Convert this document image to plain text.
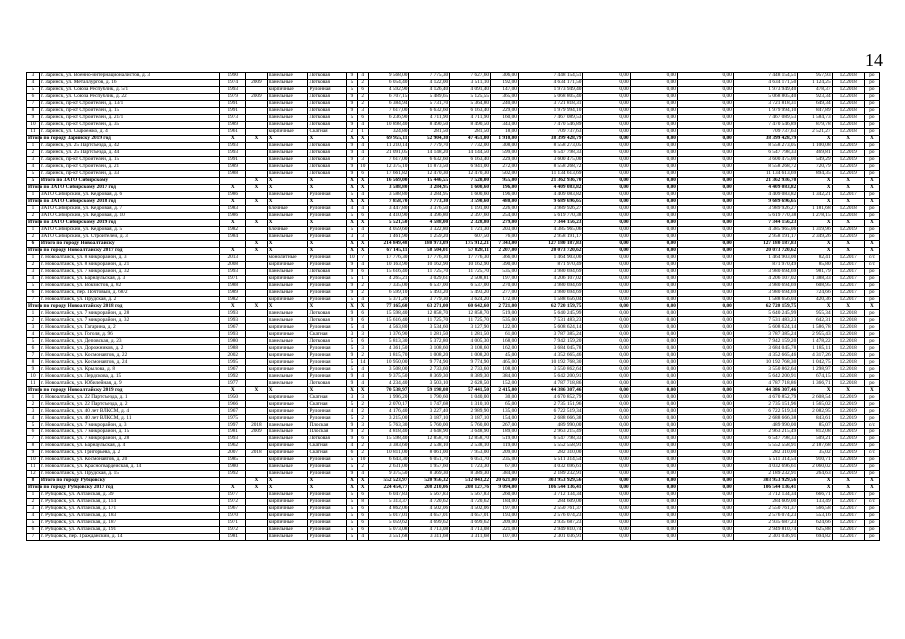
14
3	г. Заринск, ул. Военно-интернационалистов, д. 3	1990		панельные	Лотковая	9	4	9 568,00	7 775,30	7 627,60	306,00	7 448 154,51	0,00	0,00	0,00	7 448 154,51	957,93	12.2018	ро
4	г. Заринск, ул. Металлургов, д. 16	1974	2009	панельные	Лотковая	5	2	6 054,40	4 122,00	3 511,10	192,00	4 634 171,50	0,00	0,00	0,00	4 634 171,50	1 124,25	12.2018	ро
5	г. Заринск, ул. Союза Республик, д. 5/1	1993		кирпичные	Рулонная	5	6	4 592,90	4 126,40	4 091,40	147,00	1 973 949,40	0,00	0,00	0,00	1 973 949,40	478,37	12.2018	ро
6	г. Заринск, ул. Союза Республик, д. 22	1979	2009	панельные	Лотковая	9	2	6 707,15	5 489,65	5 125,55	365,00	5 068 805,40	0,00	0,00	0,00	5 068 805,40	923,34	12.2018	ро
7	г. Заринск, пр-кт Строителей, д. 13/1	1991		панельные	Лотковая	9	2	6 384,94	5 731,70	5 364,80	240,00	3 721 818,31	0,00	0,00	0,00	3 721 818,31	649,34	12.2018	ро
8	г. Заринск, пр-кт Строителей, д. 15	1991		панельные	Лотковая	9	3	7 617,00	6 632,60	6 163,40	229,00	1 979 994,10	0,00	0,00	0,00	1 979 994,10	847,89	12.2018	ро
9	г. Заринск, пр-кт Строителей, д. 21/1	1973		панельные	Лотковая	5	6	6 236,90	4 711,90	4 711,90	160,00	7 467 089,53	0,00	0,00	0,00	7 467 089,53	1 584,73	12.2018	ро
10	г. Заринск, пр-кт Строителей, д. 35	1989		панельные	Лотковая	9	4	10 898,40	8 490,50	8 490,50	343,00	7 470 546,89	0,00	0,00	0,00	7 470 546,89	879,78	12.2018	ро
11	г. Заринск, ул. Сыроежко, д. 4	1961		кирпичные	Скатная	2	1	324,80	281,50	281,50	18,00	709 737,63	0,00	0,00	0,00	709 737,63	2 521,27	12.2018	ро
Итого по городу Заринску 2019 год		Х	Х	Х	Х	Х	Х	69 955,11	52 904,30	47 451,00	1 910,00	38 399 428,79	0,00	0,00	0,00	38 399 428,79	Х	Х	Х
1	г. Заринск, ул. 25 Партсъезда, д. 42	1993		панельные	Лотковая	9	4	11 210,14	7 779,70	7 732,00	308,00	8 558 273,05	0,00	0,00	0,00	8 558 273,05	1 100,08	12.2019	ро
2	г. Заринск, ул. 25 Партсъезда, д. 44	1993		панельные	Лотковая	9	4	21 091,05	14 148,20	14 144,50	599,00	6 547 798,33	0,00	0,00	0,00	6 547 798,33	469,81	12.2019	ро
3	г. Заринск, пр-кт Строителей, д. 15	1991		панельные	Лотковая	9	3	7 617,00	6 632,60	6 163,40	229,00	3 600 475,00	0,00	0,00	0,00	3 600 475,00	549,29	12.2019	ро
4	г. Заринск, пр-кт Строителей, д. 21	1989		панельные	Лотковая	9	10	12 375,10	11 873,50	6 941,00	272,00	8 558 268,72	0,00	0,00	0,00	8 558 268,72	720,79	12.2019	ро
5	г. Заринск, пр-кт Строителей, д. 33	1988		панельные	Лотковая	9	6	17 661,82	12 470,30	12 470,30	502,00	11 134 613,69	0,00	0,00	0,00	11 134 613,69	894,35	12.2019	ро
5	Итого по ЗАТО Сибирскому		Х	Х	Х	Х	Х	16 569,00	15 446,55	7 520,00	955,00	21 362 936,70	0,00	0,00	0,00	21 362 936,70	Х	Х	Х
Итого по ЗАТО Сибирскому 2017 год		Х	Х	Х	Х	Х	Х	3 588,80	3 284,95	1 600,60	196,00	4 409 083,82	0,00	0,00	0,00	4 409 083,82	Х	Х	Х
1	ЗАТО Сибирский, ул. Кедровая, д. 6	1986		панельные	Рулонная	5	4	3 588,80	3 284,95	1 600,60	196,00	4 409 083,82	0,00	0,00	0,00	4 409 083,82	1 342,21	12.2017	ро
Итого по ЗАТО Сибирскому 2018 год		Х	Х	Х	Х	Х	Х	7 858,70	7 773,30	3 590,60	480,00	9 689 696,65	0,00	0,00	0,00	9 689 696,65	Х	Х	Х
1	ЗАТО Сибирский, ул. Кедровая, д. 7	1983		блочные	Рулонная	4	4	3 447,80	3 376,50	1 191,00	226,00	3 989 926,27	0,00	0,00	0,00	3 989 926,27	1 181,68	12.2018	ро
2	ЗАТО Сибирский, ул. Кедровая, д. 10	1986		панельные	Рулонная	5	6	4 410,90	4 396,80	2 397,60	254,00	5 619 770,38	0,00	0,00	0,00	5 619 770,38	1 278,15	12.2018	ро
Итого по ЗАТО Сибирскому 2019 год		Х	Х	Х	Х	Х	Х	5 521,50	4 588,00	2 328,80	279,00	7 344 156,23	0,00	0,00	0,00	7 344 156,23	Х	Х	Х
1	ЗАТО Сибирский, ул. Кедровая, д. 5	1982		блочные	Рулонная	5	4	4 059,60	3 322,80	1 721,30	203,00	4 385 965,06	0,00	0,00	0,00	4 385 965,06	1 319,96	12.2019	ро
2	ЗАТО Сибирский, ул. Строителей, д. 3	1984		панельные	Рулонная	3	3	1 461,90	1 259,20	607,50	76,00	2 958 191,17	0,00	0,00	0,00	2 958 191,17	2 349,26	12.2019	ро
6	Итого по городу Новоалтайску		Х	Х	Х	Х	Х	214 849,48	180 973,09	175 912,21	7 343,00	127 180 187,83	0,00	0,00	0,00	127 180 187,83	Х	Х	Х
Итого по городу Новоалтайску 2017 год		Х	Х	Х	Х	Х	Х	67 145,11	58 504,01	57 828,11	2 207,00	20 073 720,62	0,00	0,00	0,00	20 073 720,62	Х	Х	Х
1	г. Новоалтайск, ул. 8 микрорайон, д. 3	2013		монолитные	Рулонная	10	7	17 776,30	17 776,30	17 776,30	366,00	1 464 903,00	0,00	0,00	0,00	1 464 903,00	82,41	12.2017	с/с
2	г. Новоалтайск, ул. 8 микрорайон, д. 21	2008		кирпичные	Рулонная	9	4	10 163,90	10 162,90	10 162,90	390,00	871 970,49	0,00	0,00	0,00	871 970,49	85,80	12.2017	с/с
3	г. Новоалтайск, ул. 7 микрорайон, д. 32	1993		панельные	Лотковая	9	6	15 616,40	11 725,70	11 725,70	535,00	3 980 694,69	0,00	0,00	0,00	3 980 694,69	981,79	12.2017	ро
4	г. Новоалтайск, ул. Барнаульская, д. 3	1971		кирпичные	Рулонная	5	1	4 265,21	3 029,61	2 508,81	197,00	4 206 107,02	0,00	0,00	0,00	4 206 107,02	1 388,33	12.2017	ро
5	г. Новоалтайск, ул. Вокзистов, д. 82	1988		панельные	Рулонная	9	2	7 335,00	6 537,00	6 537,00	270,00	3 980 694,69	0,00	0,00	0,00	3 980 694,69	608,95	12.2017	ро
6	г. Новоалтайск, пер. Почтовый, д. 68/2	1989		панельные	Рулонная	9	2	6 599,10	5 493,20	5 493,20	277,00	3 980 694,69	0,00	0,00	0,00	3 980 694,69	724,66	12.2017	ро
7	г. Новоалтайск, ул. Прудская, д. 2	1982		кирпичные	Рулонная	5	4	5 371,20	3 779,30	3 624,20	172,00	1 588 656,04	0,00	0,00	0,00	1 588 656,04	420,36	12.2017	ро
Итого по городу Новоалтайску 2018 год		Х	Х	Х	Х	Х	Х	77 165,60	63 271,00	60 642,60	2 721,00	62 720 159,75	0,00	0,00	0,00	62 720 159,75	Х	Х	Х
1	г. Новоалтайск, ул. 7 микрорайон, д. 28	1993		панельные	Лотковая	9	6	15 598,40	12 858,70	12 858,70	519,00	5 640 245,99	0,00	0,00	0,00	5 640 245,99	955,34	12.2018	ро
2	г. Новоалтайск, ул. 7 микрорайон, д. 32	1993		панельные	Лотковая	9	6	15 616,40	11 725,70	11 725,70	535,00	7 531 483,23	0,00	0,00	0,00	7 531 483,23	642,31	12.2018	ро
3	г. Новоалтайск, ул. Гагарина, д. 2	1967		кирпичные	Рулонная	5	4	4 563,80	3 534,60	3 127,90	122,00	5 608 624,14	0,00	0,00	0,00	5 608 624,14	1 586,78	12.2018	ро
4	г. Новоалтайск, ул. Гоголя, д. 96	1993		кирпичные	Скатная	3	3	1 376,90	1 281,50	1 281,50	61,00	3 787 385,24	0,00	0,00	0,00	3 787 385,24	2 955,43	12.2018	ро
5	г. Новоалтайск, ул. Деповская, д. 23	1980		панельные	Лотковая	5	6	5 813,30	5 372,80	4 005,30	168,00	7 942 159,20	0,00	0,00	0,00	7 942 159,20	1 478,22	12.2018	ро
6	г. Новоалтайск, ул. Дорожников, д. 2	1988		кирпичные	Рулонная	5	3	4 361,50	3 108,60	3 108,60	162,00	3 684 045,78	0,00	0,00	0,00	3 684 045,78	1 185,11	12.2018	ро
7	г. Новоалтайск, ул. Космонавтов, д. 22	2002		кирпичные	Рулонная	9	2	1 815,70	1 008,20	1 008,20	45,00	4 352 665,46	0,00	0,00	0,00	4 352 665,46	4 317,26	12.2018	ро
8	г. Новоалтайск, ул. Космонавтов, д. 24	1995		кирпичные	Рулонная	5	14	10 950,00	9 774,90	9 774,90	465,00	10 192 768,30	0,00	0,00	0,00	10 192 768,30	1 042,75	12.2018	ро
9	г. Новоалтайск, ул. Крылова, д. 8	1967		кирпичные	Рулонная	5	4	3 508,00	2 733,60	2 733,60	108,00	3 550 862,64	0,00	0,00	0,00	3 550 862,64	1 298,97	12.2018	ро
10	г. Новоалтайск, ул. Лердскова, д. 15	1992		панельные	Рулонная	9	4	9 375,50	8 369,30	8 389,30	384,00	5 642 200,91	0,00	0,00	0,00	5 642 200,91	674,15	12.2018	ро
11	г. Новоалтайск, ул. Юбилейная, д. 9	1977		панельные	Лотковая	9	4	4 234,40	3 503,10	2 628,50	152,00	4 787 718,86	0,00	0,00	0,00	4 787 718,86	1 366,71	12.2018	ро
Итого по городу Новоалтайску 2019 год		Х	Х	Х	Х	Х	Х	70 538,97	59 198,08	57 441,50	2 415,00	44 386 307,46	0,00	0,00	0,00	44 386 307,46	Х	Х	Х
1	г. Новоалтайск, ул. 22 Партсъезда, д. 1	1950		кирпичные	Скатная	3	3	1 996,20	1 790,60	1 040,00	30,00	4 670 852,79	0,00	0,00	0,00	4 670 852,79	2 608,54	12.2019	ро
2	г. Новоалтайск, ул. 22 Партсъезда, д. 2	1966		кирпичные	Скатная	5	2	2 070,17	1 747,68	1 310,10	65,00	2 735 151,96	0,00	0,00	0,00	2 735 151,96	1 565,02	12.2019	ро
3	г. Новоалтайск, ул. 40 лет ВЛКСМ, д. 4	1967		кирпичные	Рулонная	4	2	4 176,40	3 227,40	2 989,90	135,00	6 722 519,34	0,00	0,00	0,00	6 722 519,34	2 082,95	12.2019	ро
4	г. Новоалтайск, ул. 40 лет ВЛКСМ, д. 11	1975		кирпичные	Рулонная	5	2	3 215,00	3 187,10	3 187,10	154,00	2 688 666,38	0,00	0,00	0,00	2 688 666,38	843,61	12.2019	ро
5	г. Новоалтайск, ул. 7 микрорайон, д. 3	1997	2018	панельные	Плоская	9	3	5 763,30	5 760,00	5 760,00	267,00	489 990,00	0,00	0,00	0,00	489 990,00	85,07	12.2019	с/с
6	г. Новоалтайск, ул. 7 микрорайон, д. 15	1981	2009	панельные	Плоская	9	2	4 818,40	3 648,90	3 648,90	189,00	2 963 215,49	0,00	0,00	0,00	2 963 215,49	812,08	12.2019	ро
7	г. Новоалтайск, ул. 7 микрорайон, д. 28	1993		панельные	Лотковая	9	6	15 598,40	12 858,70	12 858,70	519,00	6 547 798,33	0,00	0,00	0,00	6 547 798,33	509,21	12.2019	ро
8	г. Новоалтайск, ул. Барнаульская, д. 4	1962		кирпичные	Скатная	4	2	3 383,60	2 538,10	2 538,10	119,00	5 552 558,91	0,00	0,00	0,00	5 552 558,91	2 187,68	12.2019	ро
9	г. Новоалтайск, ул. Григорьева, д. 2	2007	2018	кирпичные	Скатная	6	2	10 811,00	8 061,00	7 953,00	209,00	282 310,00	0,00	0,00	0,00	282 310,00	35,02	12.2019	с/с
10	г. Новоалтайск, ул. Космонавтов, д. 20	1985		кирпичные	Рулонная	5	10	6 643,30	6 051,70	6 051,70	235,00	5 511 314,54	0,00	0,00	0,00	5 511 314,54	910,71	12.2019	ро
11	г. Новоалтайск, ул. Красногвардейская, д. 14	1980		панельные	Рулонная	5	2	2 631,00	1 957,60	1 723,30	67,00	4 032 696,61	0,00	0,00	0,00	4 032 696,61	2 060,02	12.2019	ро
12	г. Новоалтайск, ул. Прудская, д. 15	1992		панельные	Рулонная	9	4	9 375,50	8 369,30	8 389,30	384,00	2 189 232,91	0,00	0,00	0,00	2 189 232,91	264,63	12.2019	ро
8	Итого по городу Рубцовску		Х	Х	Х	Х	Х	552 523,97	520 956,32	512 043,22	20 621,00	303 953 929,56	0,00	0,00	0,00	303 953 929,56	Х	Х	Х
Итого по городу Рубцовску 2017 год		Х	Х	Х	Х	Х	Х	224 454,77	208 210,06	208 127,76	9 094,00	106 544 136,41	0,00	0,00	0,00	106 544 136,41	Х	Х	Х
1	г. Рубцовск, ул. Алтайская, д. 39	1977		панельные	Рулонная	5	6	6 047,83	5 567,83	5 567,83	260,00	3 712 134,34	0,00	0,00	0,00	3 712 134,34	666,71	12.2017	ро
2	г. Рубцовск, ул. Алтайская, д. 114	1972		кирпичные	Рулонная	5	8	5 313,37	4 720,62	4 720,62	184,00	284 609,00	0,00	0,00	0,00	284 609,00	133,49	12.2017	с/с
3	г. Рубцовск, ул. Алтайская, д. 171	1967		кирпичные	Рулонная	5	6	4 862,06	4 502,06	4 502,06	197,00	2 550 761,37	0,00	0,00	0,00	2 550 761,37	566,58	12.2017	ро
4	г. Рубцовск, ул. Алтайская, д. 183	1970		кирпичные	Рулонная	5	6	5 017,01	4 657,01	4 657,01	193,00	2 576 074,23	0,00	0,00	0,00	2 576 074,23	553,16	12.2017	ро
5	г. Рубцовск, ул. Алтайская, д. 187	1971		кирпичные	Рулонная	5	6	5 059,62	4 699,62	4 699,62	209,00	2 935 687,23	0,00	0,00	0,00	2 935 687,23	624,66	12.2017	ро
6	г. Рубцовск, ул. Алтайская, д. 191	1972		панельные	Рулонная	5	6	5 073,08	4 713,08	4 713,08	221,00	2 949 810,74	0,00	0,00	0,00	2 949 810,74	625,88	12.2017	ро
7	г. Рубцовск, пер. Гражданский, д. 14	1981		панельные	Рулонная	5	4	3 551,68	3 311,68	3 311,68	107,00	2 301 036,91	0,00	0,00	0,00	2 301 036,91	694,82	12.2017	ро
